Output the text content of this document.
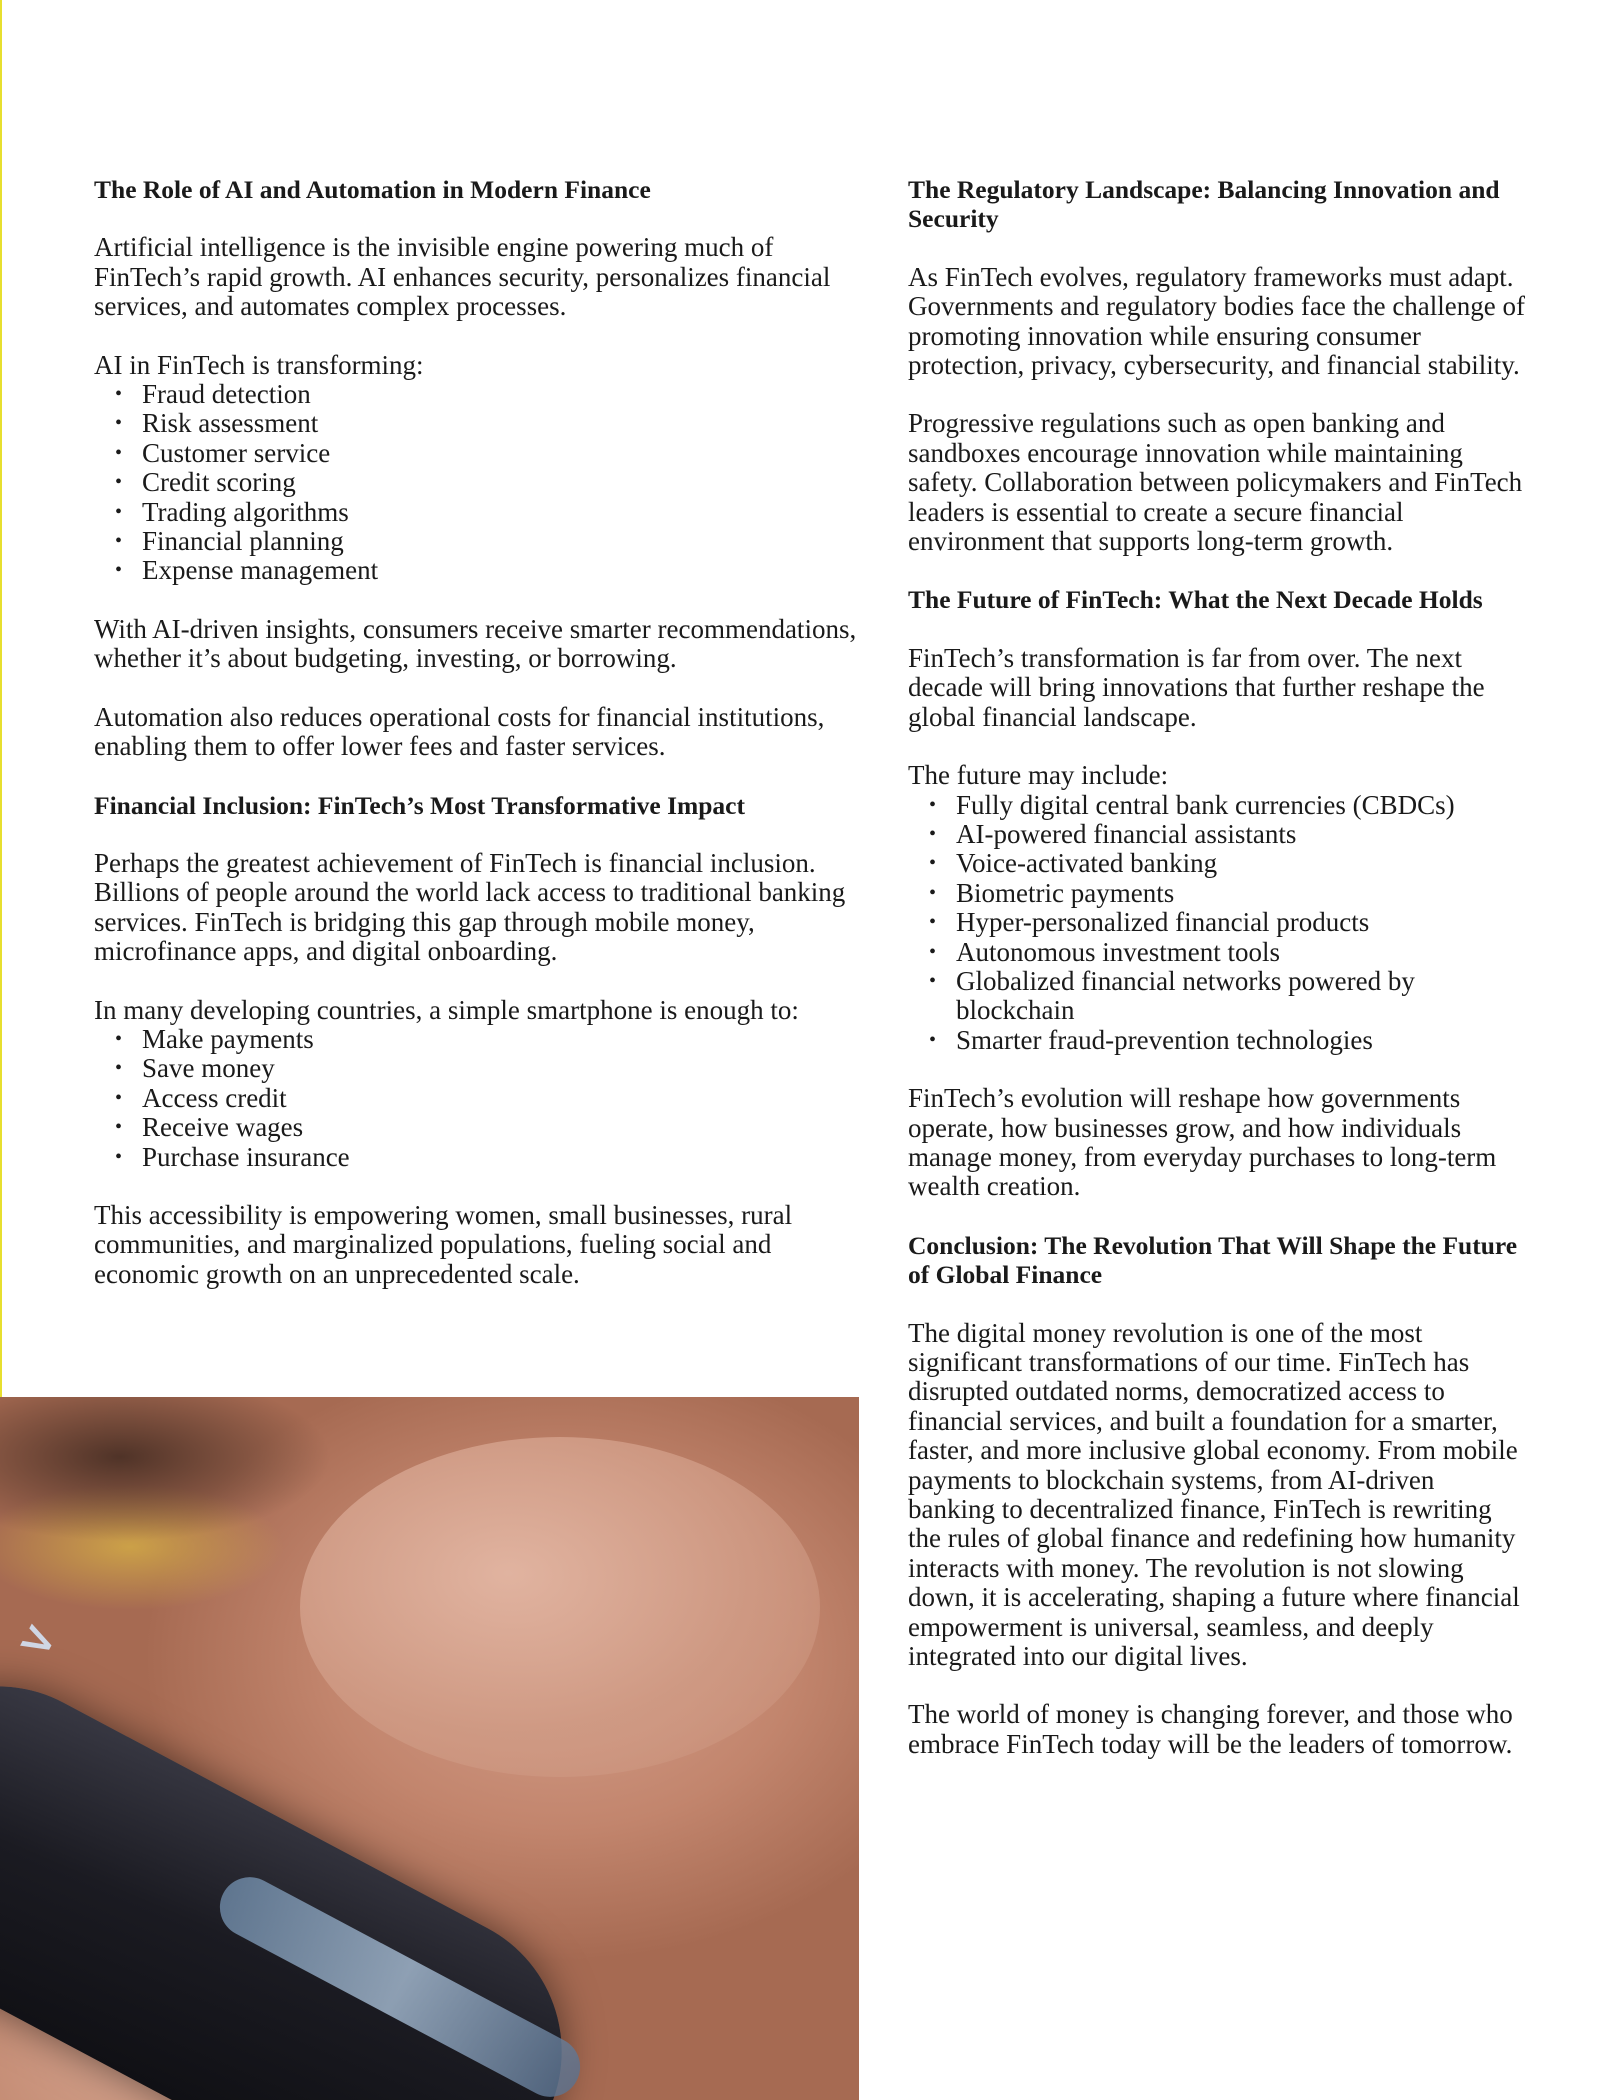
The Role of AI and Automation in Modern Finance

Artificial intelligence is the invisible engine powering much of FinTech’s rapid growth. AI enhances security, personalizes financial services, and automates complex processes.

AI in FinTech is transforming:

• Fraud detection
• Risk assessment
• Customer service
• Credit scoring
• Trading algorithms
• Financial planning
• Expense management

With AI-driven insights, consumers receive smarter recommendations, whether it’s about budgeting, investing, or borrowing.

Automation also reduces operational costs for financial institutions, enabling them to offer lower fees and faster services.

Financial Inclusion: FinTech’s Most Transformative Impact

Perhaps the greatest achievement of FinTech is financial inclusion. Billions of people around the world lack access to traditional banking services. FinTech is bridging this gap through mobile money, microfinance apps, and digital onboarding.

In many developing countries, a simple smartphone is enough to:

• Make payments
• Save money
• Access credit
• Receive wages
• Purchase insurance

This accessibility is empowering women, small businesses, rural communities, and marginalized populations, fueling social and economic growth on an unprecedented scale.

The Regulatory Landscape: Balancing Innovation and Security

As FinTech evolves, regulatory frameworks must adapt. Governments and regulatory bodies face the challenge of promoting innovation while ensuring consumer protection, privacy, cybersecurity, and financial stability.

Progressive regulations such as open banking and sandboxes encourage innovation while maintaining safety. Collaboration between policymakers and FinTech leaders is essential to create a secure financial environment that supports long-term growth.

The Future of FinTech: What the Next Decade Holds

FinTech’s transformation is far from over. The next decade will bring innovations that further reshape the global financial landscape.

The future may include:

• Fully digital central bank currencies (CBDCs)
• AI-powered financial assistants
• Voice-activated banking
• Biometric payments
• Hyper-personalized financial products
• Autonomous investment tools
• Globalized financial networks powered by blockchain
• Smarter fraud-prevention technologies

FinTech’s evolution will reshape how governments operate, how businesses grow, and how individuals manage money, from everyday purchases to long-term wealth creation.

Conclusion: The Revolution That Will Shape the Future of Global Finance

The digital money revolution is one of the most significant transformations of our time. FinTech has disrupted outdated norms, democratized access to financial services, and built a foundation for a smarter, faster, and more inclusive global economy. From mobile payments to blockchain systems, from AI-driven banking to decentralized finance, FinTech is rewriting the rules of global finance and redefining how humanity interacts with money. The revolution is not slowing down, it is accelerating, shaping a future where financial empowerment is universal, seamless, and deeply integrated into our digital lives.

The world of money is changing forever, and those who embrace FinTech today will be the leaders of tomorrow.

>
